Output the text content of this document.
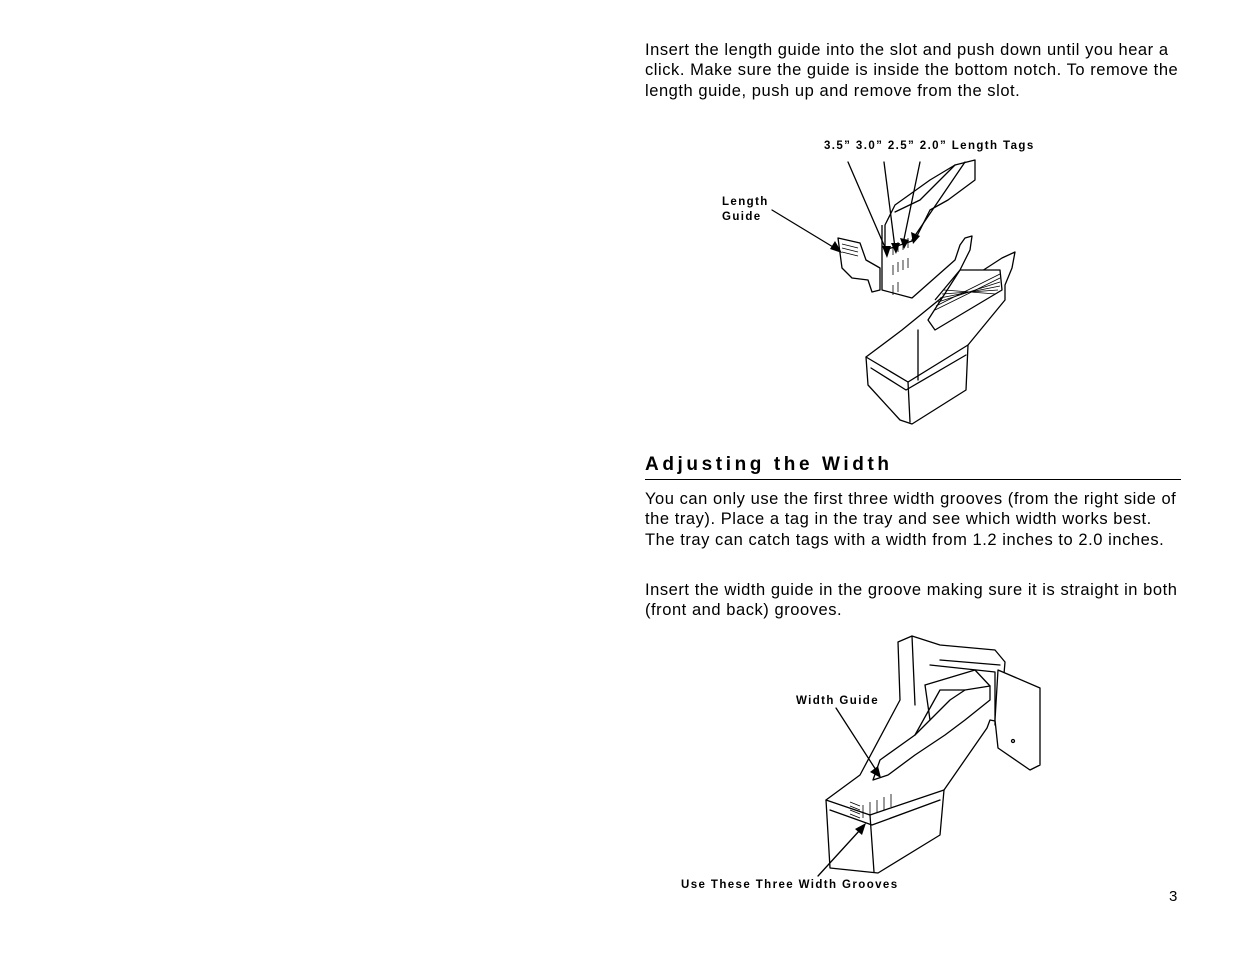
Insert the length guide into the slot and push down until you hear a click. Make sure the guide is inside the bottom notch. To remove the length guide, push up and remove from the slot.

3.5” 3.0” 2.5” 2.0” Length Tags
Length
Guide
Adjusting the Width

You can only use the first three width grooves (from the right side of the tray). Place a tag in the tray and see which width works best. The tray can catch tags with a width from 1.2 inches to 2.0 inches.

Insert the width guide in the groove making sure it is straight in both (front and back) grooves.

Width Guide
Use These Three Width Grooves
3
